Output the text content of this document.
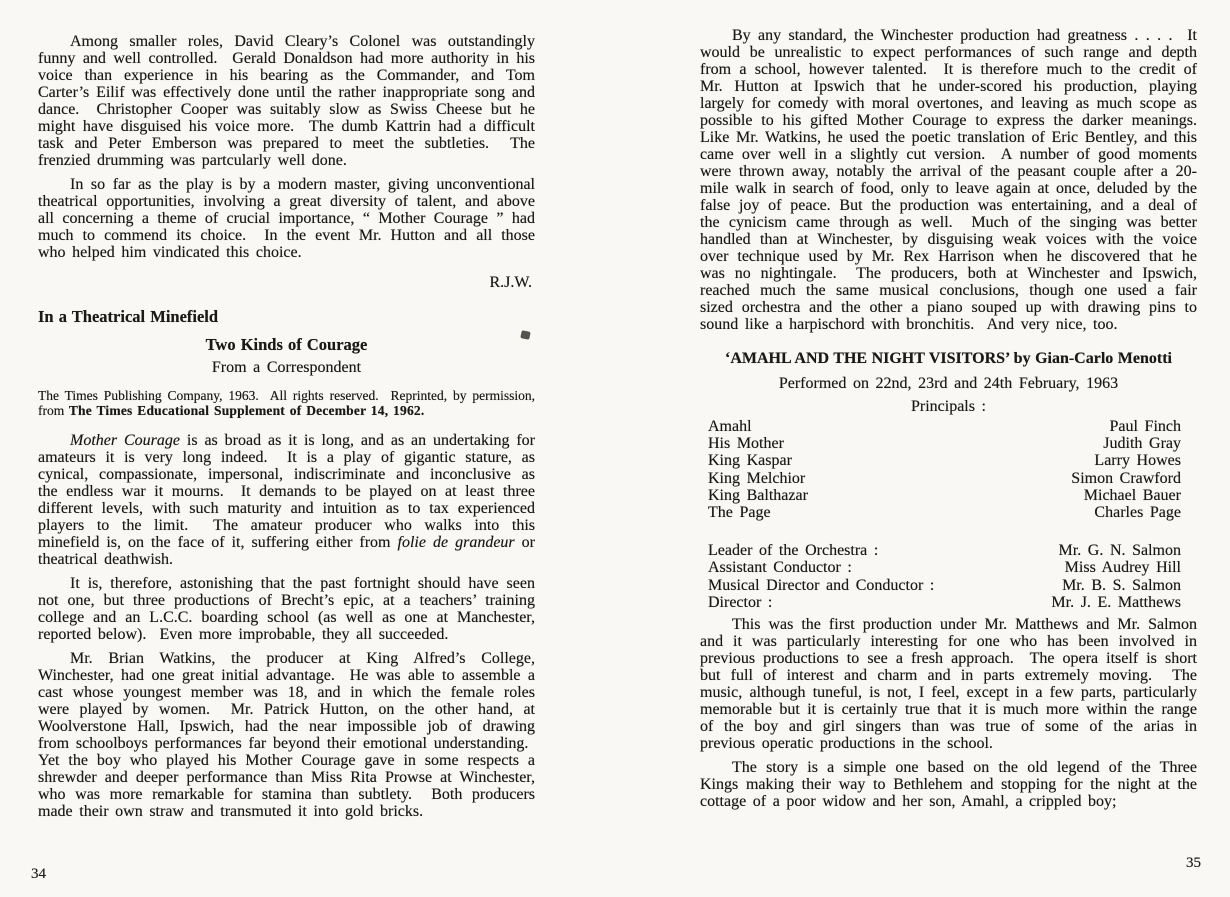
Among smaller roles, David Cleary’s Colonel was outstandingly funny and well controlled.  Gerald Donaldson had more authority in his voice than experience in his bearing as the Commander, and Tom Carter’s Eilif was effectively done until the rather inappropriate song and dance.  Christopher Cooper was suitably slow as Swiss Cheese but he might have disguised his voice more.  The dumb Kattrin had a difficult task and Peter Emberson was prepared to meet the subtleties.  The frenzied drumming was partcularly well done.

In so far as the play is by a modern master, giving unconventional theatrical opportunities, involving a great diversity of talent, and above all concerning a theme of crucial importance, “ Mother Courage ” had much to commend its choice.  In the event Mr. Hutton and all those who helped him vindicated this choice.

R.J.W.
In a Theatrical Minefield
Two Kinds of Courage
From a Correspondent

The Times Publishing Company, 1963.  All rights reserved.  Reprinted, by permission, from The Times Educational Supplement of December 14, 1962.

Mother Courage is as broad as it is long, and as an undertaking for amateurs it is very long indeed.  It is a play of gigantic stature, as cynical, compassionate, impersonal, indiscriminate and inconclusive as the endless war it mourns.  It demands to be played on at least three different levels, with such maturity and intuition as to tax experienced players to the limit.  The amateur producer who walks into this minefield is, on the face of it, suffering either from folie de grandeur or theatrical deathwish.

It is, therefore, astonishing that the past fortnight should have seen not one, but three productions of Brecht’s epic, at a teachers’ training college and an L.C.C. boarding school (as well as one at Manchester, reported below).  Even more improbable, they all succeeded.

Mr. Brian Watkins, the producer at King Alfred’s College, Winchester, had one great initial advantage.  He was able to assemble a cast whose youngest member was 18, and in which the female roles were played by women.  Mr. Patrick Hutton, on the other hand, at Woolverstone Hall, Ipswich, had the near impossible job of drawing from schoolboys performances far beyond their emotional understanding.  Yet the boy who played his Mother Courage gave in some respects a shrewder and deeper performance than Miss Rita Prowse at Winchester, who was more remarkable for stamina than subtlety.  Both producers made their own straw and transmuted it into gold bricks.

By any standard, the Winchester production had greatness . . . .  It would be unrealistic to expect performances of such range and depth from a school, however talented.  It is therefore much to the credit of Mr. Hutton at Ipswich that he under-scored his production, playing largely for comedy with moral overtones, and leaving as much scope as possible to his gifted Mother Courage to express the darker meanings. Like Mr. Watkins, he used the poetic translation of Eric Bentley, and this came over well in a slightly cut version.  A number of good moments were thrown away, notably the arrival of the peasant couple after a 20-mile walk in search of food, only to leave again at once, deluded by the false joy of peace. But the production was entertaining, and a deal of the cynicism came through as well.  Much of the singing was better handled than at Winchester, by disguising weak voices with the voice over technique used by Mr. Rex Harrison when he discovered that he was no nightingale.  The producers, both at Winchester and Ipswich, reached much the same musical conclusions, though one used a fair sized orchestra and the other a piano souped up with drawing pins to sound like a harpischord with bronchitis.  And very nice, too.

‘AMAHL AND THE NIGHT VISITORS’ by Gian-Carlo Menotti
Performed on 22nd, 23rd and 24th February, 1963
Principals :
Amahl	Paul Finch
His Mother	Judith Gray
King Kaspar	Larry Howes
King Melchior	Simon Crawford
King Balthazar	Michael Bauer
The Page	Charles Page
Leader of the Orchestra :	Mr. G. N. Salmon
Assistant Conductor :	Miss Audrey Hill
Musical Director and Conductor :	Mr. B. S. Salmon
Director :	Mr. J. E. Matthews

This was the first production under Mr. Matthews and Mr. Salmon and it was particularly interesting for one who has been involved in previous productions to see a fresh approach.  The opera itself is short but full of interest and charm and in parts extremely moving.  The music, although tuneful, is not, I feel, except in a few parts, particularly memorable but it is certainly true that it is much more within the range of the boy and girl singers than was true of some of the arias in previous operatic productions in the school.

The story is a simple one based on the old legend of the Three Kings making their way to Bethlehem and stopping for the night at the cottage of a poor widow and her son, Amahl, a crippled boy;

34
35
